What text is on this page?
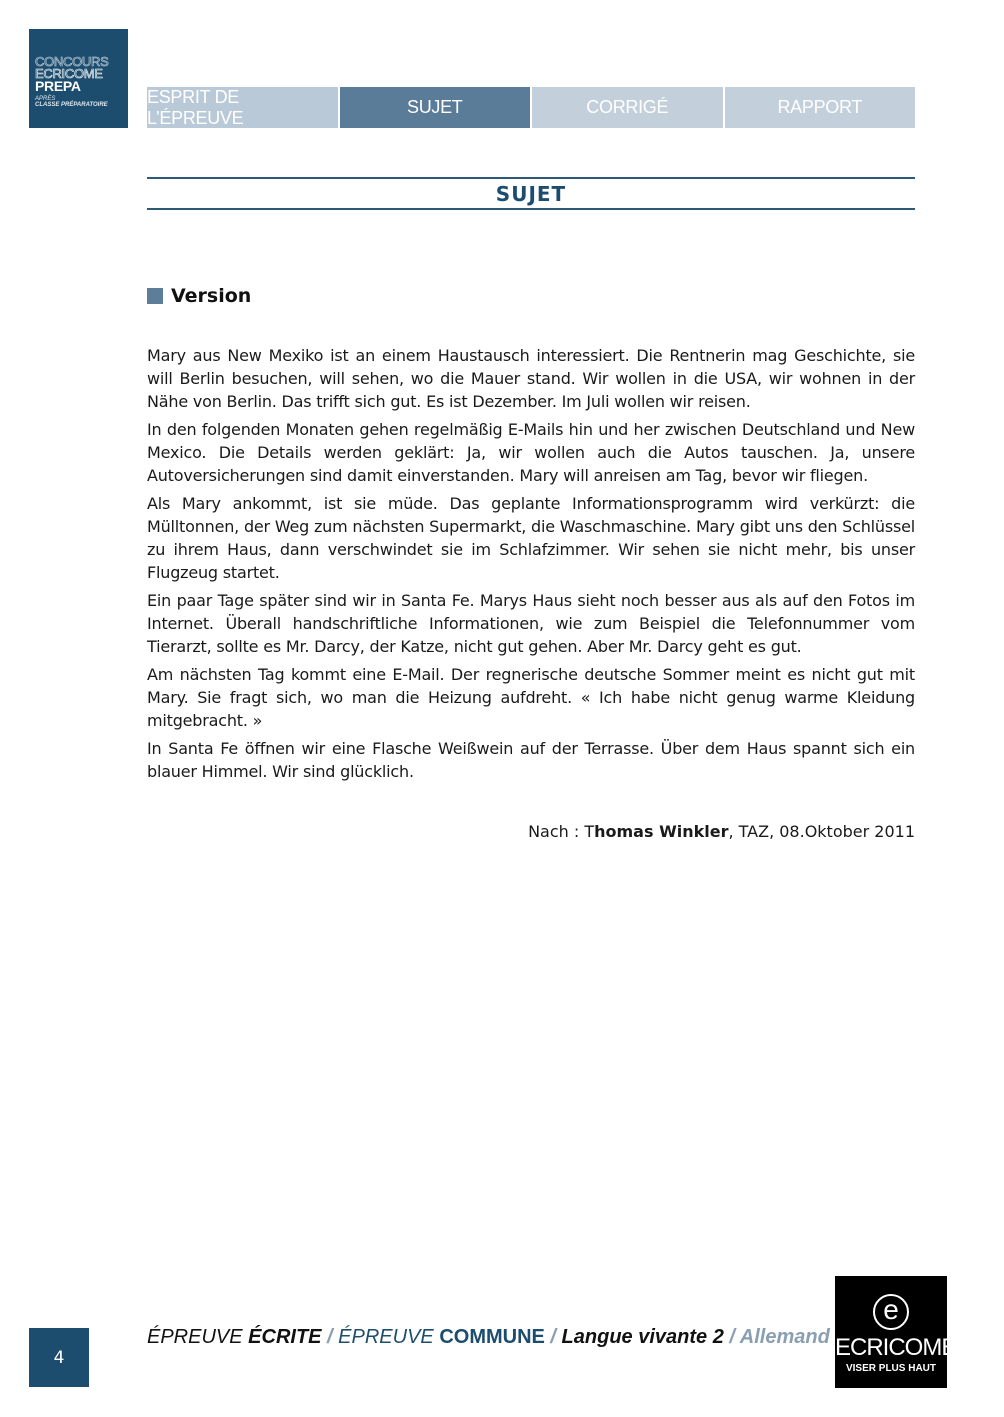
CONCOURS
ECRICOME
PREPA
APRÈS
CLASSE PRÉPARATOIRE	ESPRIT DE L’ÉPREUVE
SUJET	CORRIGÉ	RAPPORT
SUJET
Version

Mary aus New Mexiko ist an einem Haustausch interessiert. Die Rentnerin mag Geschichte, sie will Berlin besuchen, will sehen, wo die Mauer stand. Wir wollen in die USA, wir wohnen in der Nähe von Berlin. Das trifft sich gut. Es ist Dezember. Im Juli wollen wir reisen.

In den folgenden Monaten gehen regelmäßig E-Mails hin und her zwischen Deutschland und New Mexico. Die Details werden geklärt: Ja, wir wollen auch die Autos tauschen. Ja, unsere Autoversicherungen sind damit einverstanden. Mary will anreisen am Tag, bevor wir fliegen.

Als Mary ankommt, ist sie müde. Das geplante Informationsprogramm wird verkürzt: die Mülltonnen, der Weg zum nächsten Supermarkt, die Waschmaschine. Mary gibt uns den Schlüssel zu ihrem Haus, dann verschwindet sie im Schlafzimmer. Wir sehen sie nicht mehr, bis unser Flugzeug startet.

Ein paar Tage später sind wir in Santa Fe. Marys Haus sieht noch besser aus als auf den Fotos im Internet. Überall handschriftliche Informationen, wie zum Beispiel die Telefonnummer vom Tierarzt, sollte es Mr. Darcy, der Katze, nicht gut gehen. Aber Mr. Darcy geht es gut.

Am nächsten Tag kommt eine E-Mail. Der regnerische deutsche Sommer meint es nicht gut mit Mary. Sie fragt sich, wo man die Heizung aufdreht. « Ich habe nicht genug warme Kleidung mitgebracht. »

In Santa Fe öffnen wir eine Flasche Weißwein auf der Terrasse. Über dem Haus spannt sich ein blauer Himmel. Wir sind glücklich.

Nach : Thomas Winkler, TAZ, 08.Oktober 2011
4
ÉPREUVE ÉCRITE / ÉPREUVE COMMUNE / Langue vivante 2 / Allemand
e
ECRICOME
VISER PLUS HAUT
